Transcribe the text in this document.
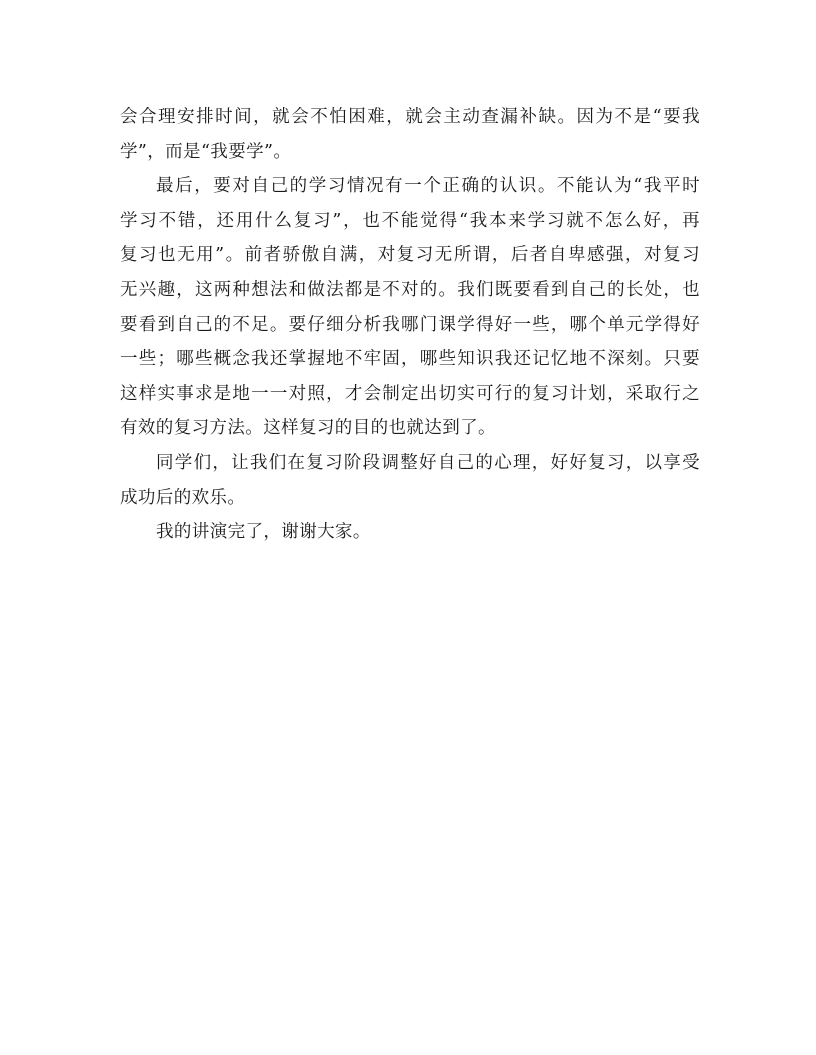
会合理安排时间，就会不怕困难，就会主动查漏补缺。因为不是“要我
学”，而是“我要学”。
最后，要对自己的学习情况有一个正确的认识。不能认为“我平时
学习不错，还用什么复习”，也不能觉得“我本来学习就不怎么好，再
复习也无用”。前者骄傲自满，对复习无所谓，后者自卑感强，对复习
无兴趣，这两种想法和做法都是不对的。我们既要看到自己的长处，也
要看到自己的不足。要仔细分析我哪门课学得好一些，哪个单元学得好
一些；哪些概念我还掌握地不牢固，哪些知识我还记忆地不深刻。只要
这样实事求是地一一对照，才会制定出切实可行的复习计划，采取行之
有效的复习方法。这样复习的目的也就达到了。
同学们，让我们在复习阶段调整好自己的心理，好好复习，以享受
成功后的欢乐。
我的讲演完了，谢谢大家。
